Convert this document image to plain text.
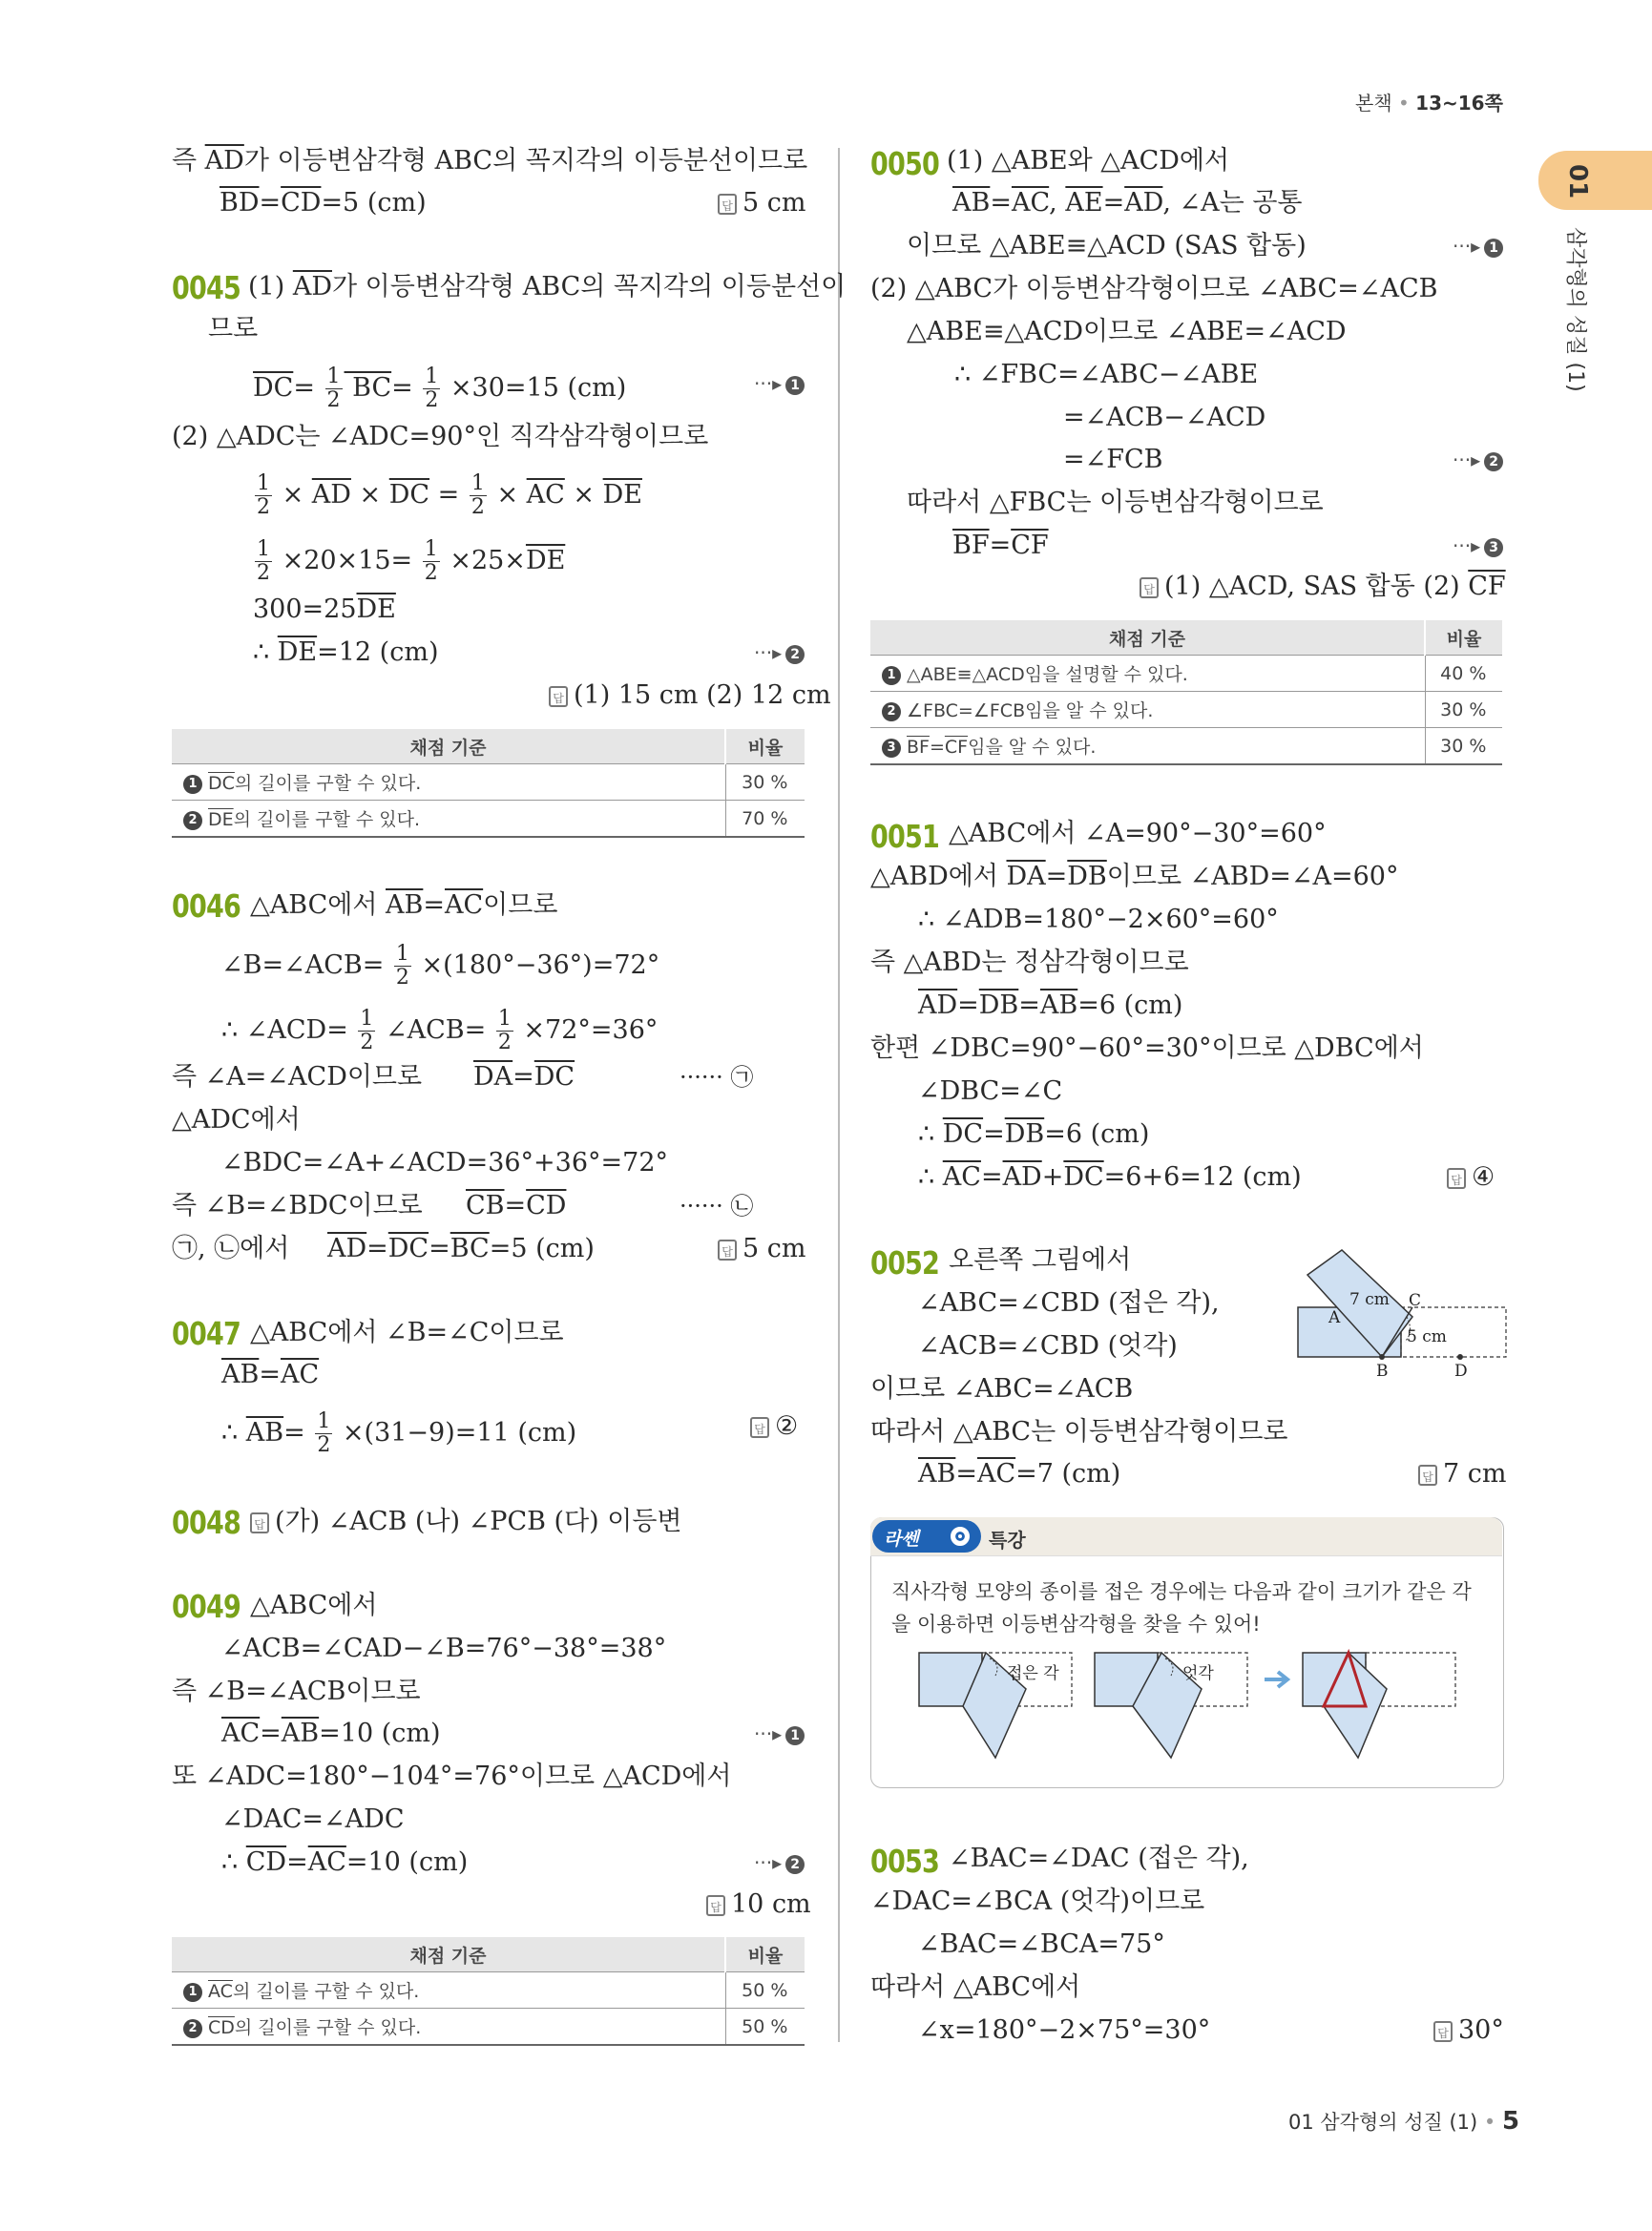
본책 • 13~16쪽
01
삼각형의 성질 (1)
즉 $\overline{AD}$가 이등변삼각형 ABC의 꼭지각의 이등분선이므로
$\overline{BD}=\overline{CD}=5$ (cm)	답 5 cm
0045 (1) $\overline{AD}$가 이등변삼각형 ABC의 꼭지각의 이등분선이
므로
$\overline{DC}= \frac{1}{2} BC= \frac{1}{2} \times 30=15$ (cm)	···▸ 1
(2) △ADC는 ∠ADC=90°인 직각삼각형이므로
$\frac{1}{2} \times \overline{AD} \times \overline{DC} = \frac{1}{2} \times \overline{AC} \times \overline{DE}$
$\frac{1}{2} \times 20\times 15= \frac{1}{2} \times 25\times\overline{DE}$
$300=25\overline{DE}$
∴ $\overline{DE}=12$ (cm)	···▸ 2
답 (1) 15 cm (2) 12 cm
채점 기준	비율
1 $\overline{DC}$의 길이를 구할 수 있다.	30 %
2 $\overline{DE}$의 길이를 구할 수 있다.	70 %
0046 △ABC에서 $\overline{AB}=\overline{AC}$이므로
∠B=∠ACB= $\frac{1}{2} \times(180^\circ-36^\circ)=72^\circ$
∴ ∠ACD= $\frac{1}{2}$ ∠ACB= $\frac{1}{2} \times 72^\circ=36^\circ$
즉 ∠A=∠ACD이므로 $\overline{DA}=\overline{DC}$	······ ㉠
△ADC에서
∠BDC=∠A+∠ACD=36°+36°=72°
즉 ∠B=∠BDC이므로 $\overline{CB}=\overline{CD}$	······ ㉡
㉠, ㉡에서 $\overline{AD}=\overline{DC}=\overline{BC}=5$ (cm)	답 5 cm
0047 △ABC에서 ∠B=∠C이므로
$\overline{AB}=\overline{AC}$
∴ $\overline{AB}= \frac{1}{2} \times(31-9)=11$ (cm)	답 ②
0048	답 (가) ∠ACB (나) ∠PCB (다) 이등변
0049 △ABC에서
∠ACB=∠CAD−∠B=76°−38°=38°
즉 ∠B=∠ACB이므로
$\overline{AC}=\overline{AB}=10$ (cm)	···▸ 1
또 ∠ADC=180°−104°=76°이므로 △ACD에서
∠DAC=∠ADC
∴ $\overline{CD}=\overline{AC}=10$ (cm)	···▸ 2
답 10 cm
채점 기준	비율
1 $\overline{AC}$의 길이를 구할 수 있다.	50 %
2 $\overline{CD}$의 길이를 구할 수 있다.	50 %
0050 (1) △ABE와 △ACD에서
$\overline{AB}=\overline{AC}$, $\overline{AE}=\overline{AD}$, ∠A는 공통
이므로 △ABE≡△ACD (SAS 합동)	···▸ 1
(2) △ABC가 이등변삼각형이므로 ∠ABC=∠ACB
△ABE≡△ACD이므로 ∠ABE=∠ACD
∴ ∠FBC=∠ABC−∠ABE
=∠ACB−∠ACD
=∠FCB	···▸ 2
따라서 △FBC는 이등변삼각형이므로
$\overline{BF}=\overline{CF}$	···▸ 3
답 (1) △ACD, SAS 합동 (2) $\overline{CF}$
채점 기준	비율
1 △ABE≡△ACD임을 설명할 수 있다.	40 %
2 ∠FBC=∠FCB임을 알 수 있다.	30 %
3 $\overline{BF}=\overline{CF}$임을 알 수 있다.	30 %
0051 △ABC에서 ∠A=90°−30°=60°
△ABD에서 $\overline{DA}=\overline{DB}$이므로 ∠ABD=∠A=60°
∴ ∠ADB=180°−2×60°=60°
즉 △ABD는 정삼각형이므로
$\overline{AD}=\overline{DB}=\overline{AB}=6$ (cm)
한편 ∠DBC=90°−60°=30°이므로 △DBC에서
∠DBC=∠C
∴ $\overline{DC}=\overline{DB}=6$ (cm)
∴ $\overline{AC}=\overline{AD}+\overline{DC}=6+6=12$ (cm)	답 ④
0052 오른쪽 그림에서
∠ABC=∠CBD (접은 각),
∠ACB=∠CBD (엇각)
이므로 ∠ABC=∠ACB
따라서 △ABC는 이등변삼각형이므로
$\overline{AB}=\overline{AC}=7$ (cm)	답 7 cm
A
B
C
D
7 cm
5 cm
라쎈	특강
직사각형 모양의 종이를 접은 경우에는 다음과 같이 크기가 같은 각
을 이용하면 이등변삼각형을 찾을 수 있어!
접은 각	엇각
0053 ∠BAC=∠DAC (접은 각),
∠DAC=∠BCA (엇각)이므로
∠BAC=∠BCA=75°
따라서 △ABC에서
∠x=180°−2×75°=30°	답 30°
01 삼각형의 성질 (1) • 5
